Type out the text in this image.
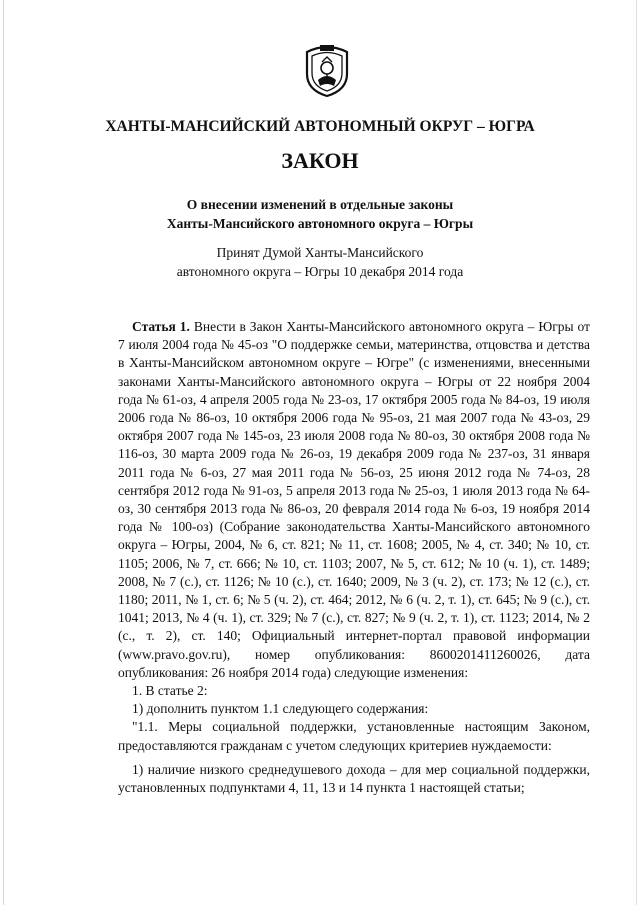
ХАНТЫ-МАНСИЙСКИЙ АВТОНОМНЫЙ ОКРУГ – ЮГРА
ЗАКОН
О внесении изменений в отдельные законы
Ханты-Мансийского автономного округа – Югры
Принят Думой Ханты-Мансийского
автономного округа – Югры 10 декабря 2014 года

Статья 1. Внести в Закон Ханты-Мансийского автономного округа – Югры от 7 июля 2004 года № 45-оз "О поддержке семьи, материнства, отцовства и детства в Ханты-Мансийском автономном округе – Югре" (с изменениями, внесенными законами Ханты-Мансийского автономного округа – Югры от 22 ноября 2004 года № 61-оз, 4 апреля 2005 года № 23-оз, 17 октября 2005 года № 84-оз, 19 июля 2006 года № 86-оз, 10 октября 2006 года № 95-оз, 21 мая 2007 года № 43-оз, 29 октября 2007 года № 145-оз, 23 июля 2008 года № 80-оз, 30 октября 2008 года № 116-оз, 30 марта 2009 года № 26-оз, 19 декабря 2009 года № 237-оз, 31 января 2011 года № 6-оз, 27 мая 2011 года № 56-оз, 25 июня 2012 года № 74-оз, 28 сентября 2012 года № 91-оз, 5 апреля 2013 года № 25-оз, 1 июля 2013 года № 64-оз, 30 сентября 2013 года № 86-оз, 20 февраля 2014 года № 6-оз, 19 ноября 2014 года № 100-оз) (Собрание законодательства Ханты-Мансийского автономного округа – Югры, 2004, № 6, ст. 821; № 11, ст. 1608; 2005, № 4, ст. 340; № 10, ст. 1105; 2006, № 7, ст. 666; № 10, ст. 1103; 2007, № 5, ст. 612; № 10 (ч. 1), ст. 1489; 2008, № 7 (с.), ст. 1126; № 10 (с.), ст. 1640; 2009, № 3 (ч. 2), ст. 173; № 12 (с.), ст. 1180; 2011, № 1, ст. 6; № 5 (ч. 2), ст. 464; 2012, № 6 (ч. 2, т. 1), ст. 645; № 9 (с.), ст. 1041; 2013, № 4 (ч. 1), ст. 329; № 7 (с.), ст. 827; № 9 (ч. 2, т. 1), ст. 1123; 2014, № 2 (с., т. 2), ст. 140; Официальный интернет-портал правовой информации (www.pravo.gov.ru), номер опубликования: 8600201411260026, дата опубликования: 26 ноября 2014 года) следующие изменения:

1. В статье 2:

1) дополнить пунктом 1.1 следующего содержания:

"1.1. Меры социальной поддержки, установленные настоящим Законом, предоставляются гражданам с учетом следующих критериев нуждаемости:

1) наличие низкого среднедушевого дохода – для мер социальной поддержки, установленных подпунктами 4, 11, 13 и 14 пункта 1 настоящей статьи;
